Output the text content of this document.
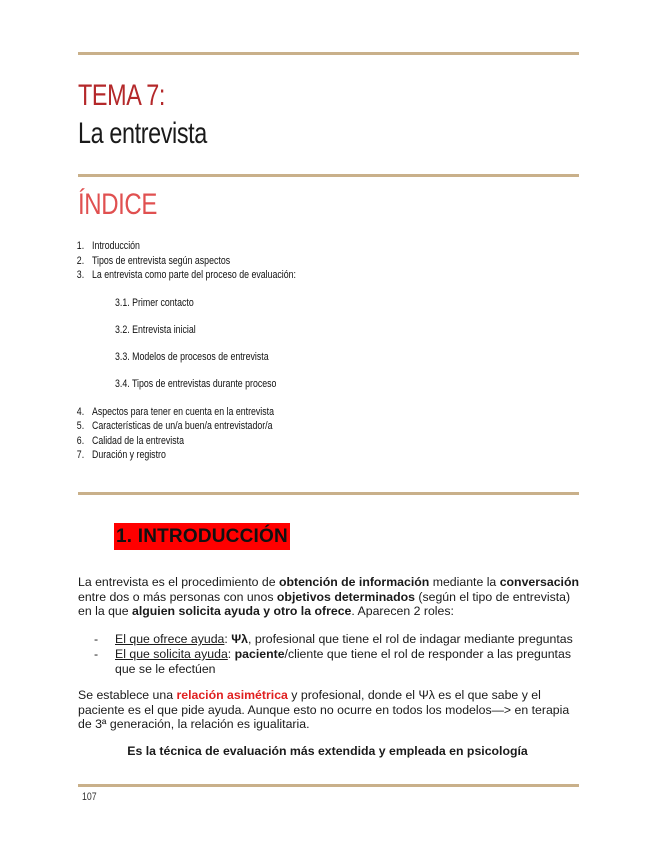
TEMA 7:
La entrevista
ÍNDICE
1. Introducción
2. Tipos de entrevista según aspectos
3. La entrevista como parte del proceso de evaluación:
3.1. Primer contacto
3.2. Entrevista inicial
3.3. Modelos de procesos de entrevista
3.4. Tipos de entrevistas durante proceso
4. Aspectos para tener en cuenta en la entrevista
5. Características de un/a buen/a entrevistador/a
6. Calidad de la entrevista
7. Duración y registro
1. INTRODUCCIÓN
La entrevista es el procedimiento de obtención de información mediante la conversación entre dos o más personas con unos objetivos determinados (según el tipo de entrevista) en la que alguien solicita ayuda y otro la ofrece. Aparecen 2 roles:
- El que ofrece ayuda: Ψλ, profesional que tiene el rol de indagar mediante preguntas
- El que solicita ayuda: paciente/cliente que tiene el rol de responder a las preguntas que se le efectúen
Se establece una relación asimétrica y profesional, donde el Ψλ es el que sabe y el paciente es el que pide ayuda. Aunque esto no ocurre en todos los modelos—> en terapia de 3ª generación, la relación es igualitaria.
Es la técnica de evaluación más extendida y empleada en psicología
107
